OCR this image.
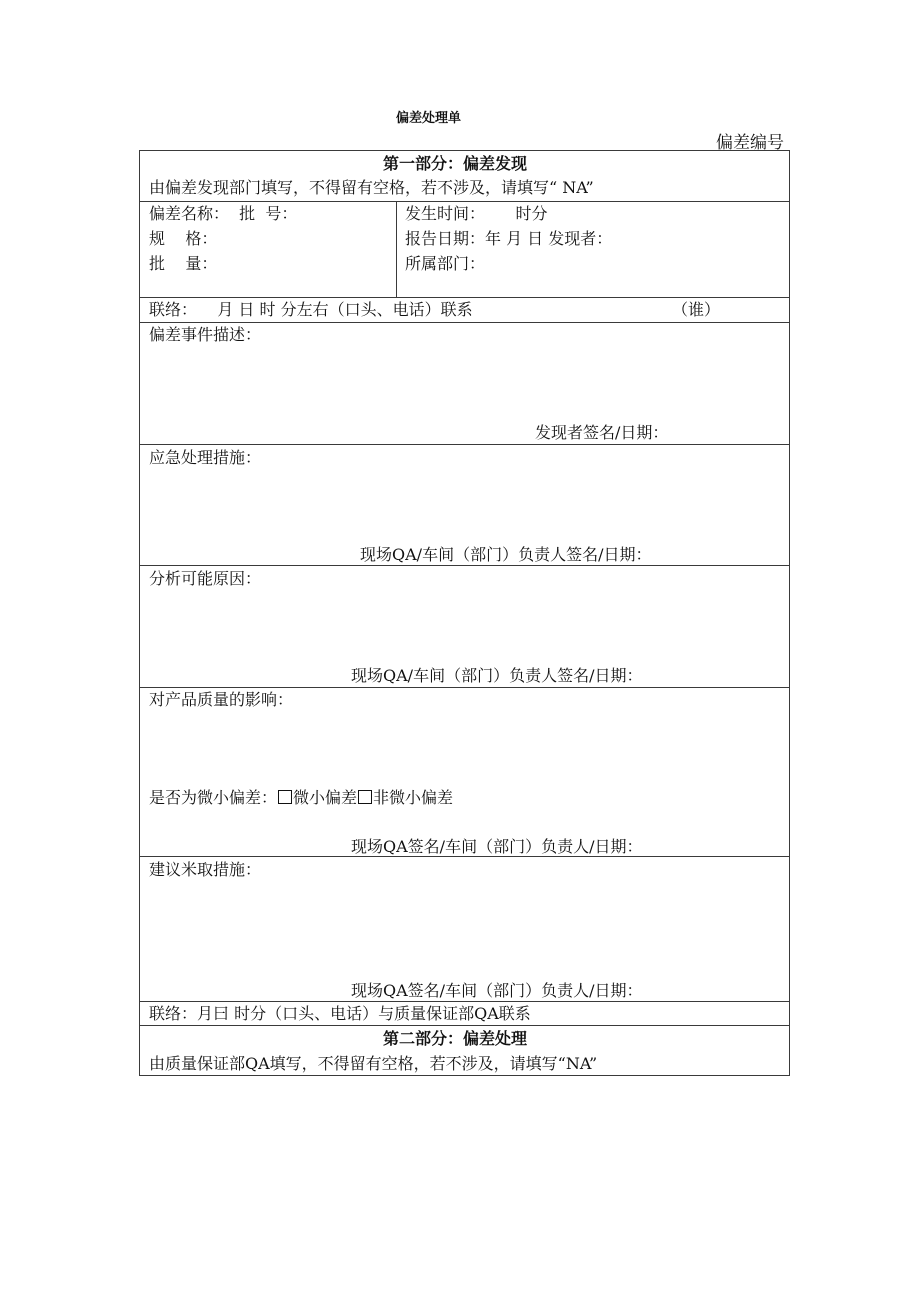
偏差处理单
偏差编号
第一部分：偏差发现
由偏差发现部门填写，不得留有空格，若不涉及，请填写“ NA”
偏差名称：  批  号：
规    格：
批    量：
发生时间：      时分
报告日期：年 月 日 发现者：
所属部门：
联络：    月 日 时 分左右（口头、电话）联系	（谁）
偏差事件描述：
发现者签名/日期：
应急处理措施：
现场QA/车间（部门）负责人签名/日期：
分析可能原因：
现场QA/车间（部门）负责人签名/日期：
对产品质量的影响：
是否为微小偏差： 微小偏差 非微小偏差
现场QA签名/车间（部门）负责人/日期：
建议米取措施：
现场QA签名/车间（部门）负责人/日期：
联络：月曰 时分（口头、电话）与质量保证部QA联系
第二部分：偏差处理
由质量保证部QA填写，不得留有空格，若不涉及，请填写“NA”
